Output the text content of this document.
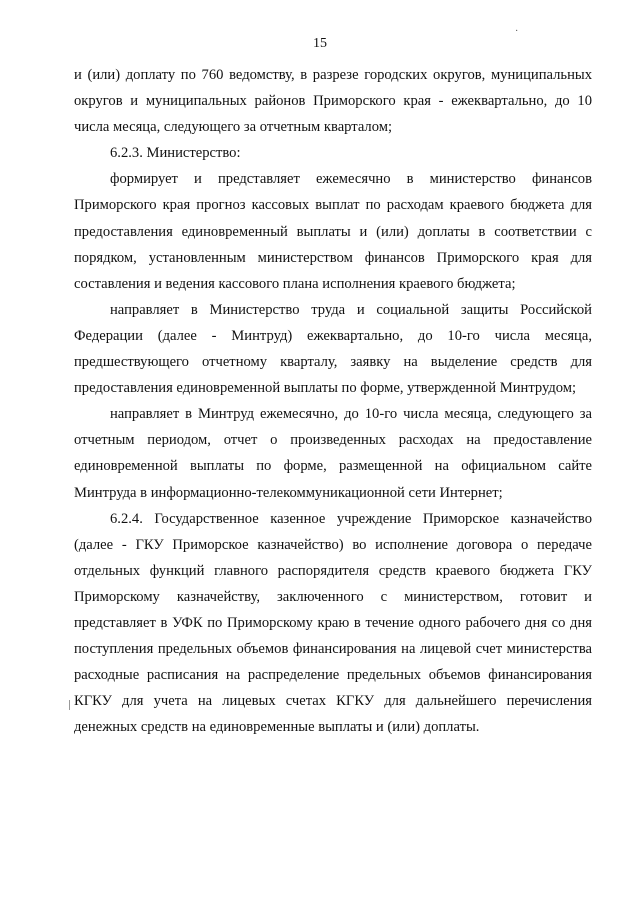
·
15

и (или) доплату по 760 ведомству, в разрезе городских округов, муниципальных округов и муниципальных районов Приморского края - ежеквартально, до 10 числа месяца, следующего за отчетным кварталом;

6.2.3. Министерство:

формирует и представляет ежемесячно в министерство финансов Приморского края прогноз кассовых выплат по расходам краевого бюджета для предоставления единовременный выплаты и (или) доплаты в соответствии с порядком, установленным министерством финансов Приморского края для составления и ведения кассового плана исполнения краевого бюджета;

направляет в Министерство труда и социальной защиты Российской Федерации (далее - Минтруд) ежеквартально, до 10-го числа месяца, предшествующего отчетному кварталу, заявку на выделение средств для предоставления единовременной выплаты по форме, утвержденной Минтрудом;

направляет в Минтруд ежемесячно, до 10-го числа месяца, следующего за отчетным периодом, отчет о произведенных расходах на предоставление единовременной выплаты по форме, размещенной на официальном сайте Минтруда в информационно-телекоммуникационной сети Интернет;

6.2.4. Государственное казенное учреждение Приморское казначейство (далее - ГКУ Приморское казначейство) во исполнение договора о передаче отдельных функций главного распорядителя средств краевого бюджета ГКУ Приморскому казначейству, заключенного с министерством, готовит и представляет в УФК по Приморскому краю в течение одного рабочего дня со дня поступления предельных объемов финансирования на лицевой счет министерства расходные расписания на распределение предельных объемов финансирования КГКУ для учета на лицевых счетах КГКУ для дальнейшего перечисления денежных средств на единовременные выплаты и (или) доплаты.
